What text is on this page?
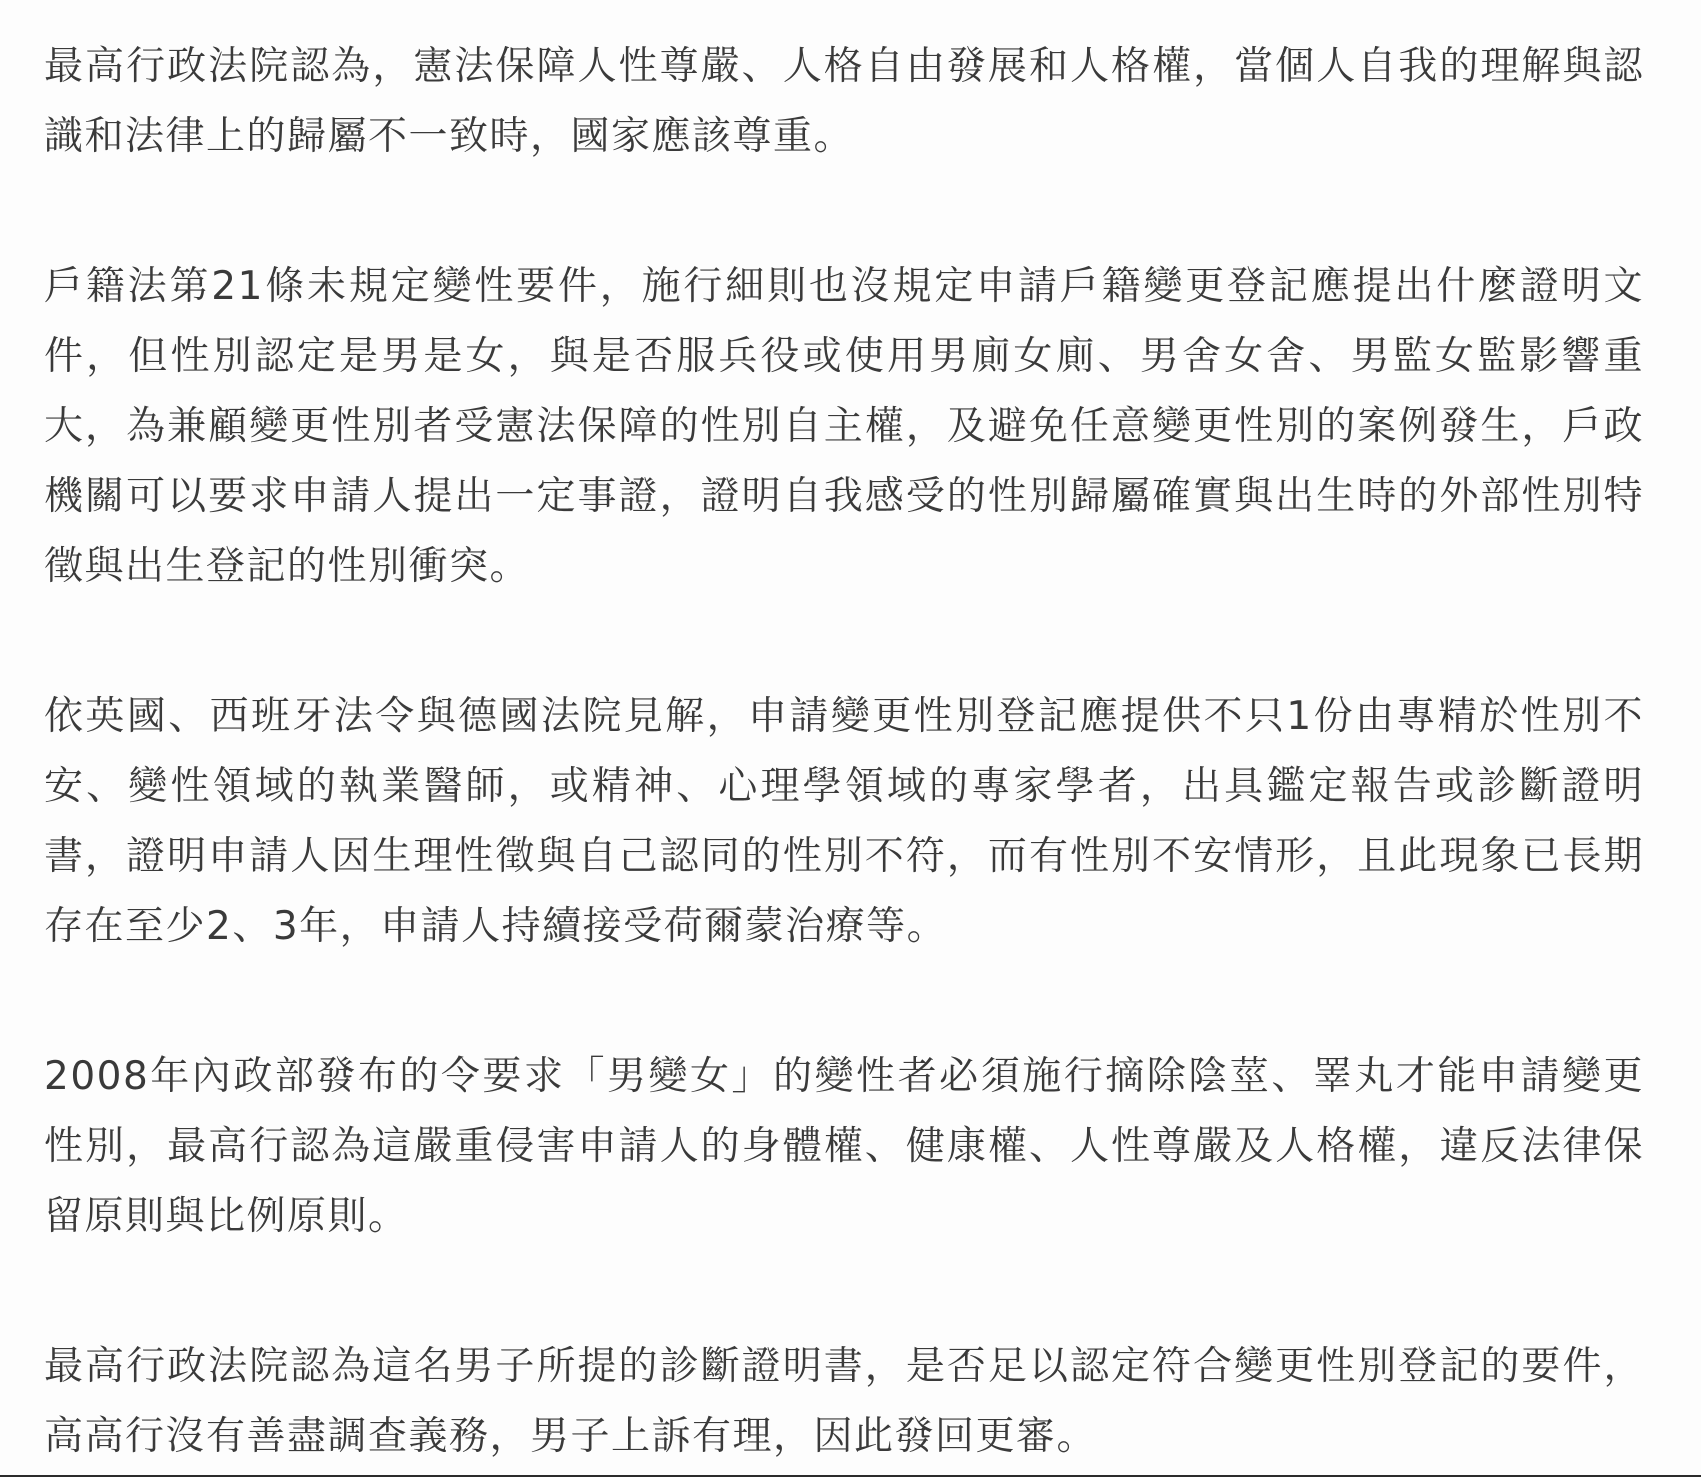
最高行政法院認為，憲法保障人性尊嚴、人格自由發展和人格權，當個人自我的理解與認識和法律上的歸屬不一致時，國家應該尊重。

戶籍法第21條未規定變性要件，施行細則也沒規定申請戶籍變更登記應提出什麼證明文件，但性別認定是男是女，與是否服兵役或使用男廁女廁、男舍女舍、男監女監影響重大，為兼顧變更性別者受憲法保障的性別自主權，及避免任意變更性別的案例發生，戶政機關可以要求申請人提出一定事證，證明自我感受的性別歸屬確實與出生時的外部性別特徵與出生登記的性別衝突。

依英國、西班牙法令與德國法院見解，申請變更性別登記應提供不只1份由專精於性別不安、變性領域的執業醫師，或精神、心理學領域的專家學者，出具鑑定報告或診斷證明書，證明申請人因生理性徵與自己認同的性別不符，而有性別不安情形，且此現象已長期存在至少2、3年，申請人持續接受荷爾蒙治療等。

2008年內政部發布的令要求「男變女」的變性者必須施行摘除陰莖、睪丸才能申請變更性別，最高行認為這嚴重侵害申請人的身體權、健康權、人性尊嚴及人格權，違反法律保留原則與比例原則。

最高行政法院認為這名男子所提的診斷證明書，是否足以認定符合變更性別登記的要件，高高行沒有善盡調查義務，男子上訴有理，因此發回更審。
